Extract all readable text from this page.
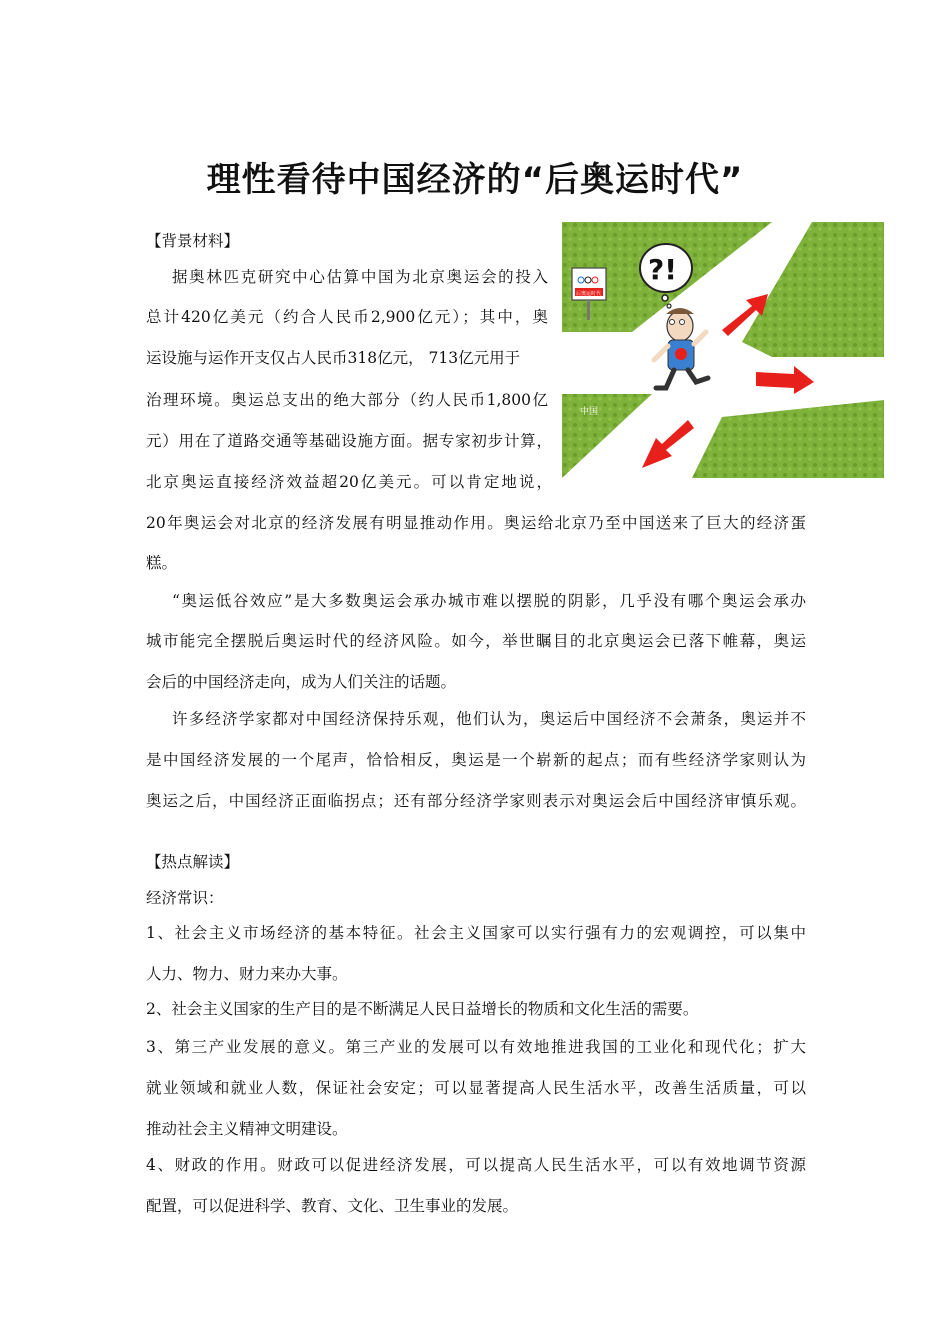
理性看待中国经济的“后奥运时代”
【背景材料】
据奥林匹克研究中心估算中国为北京奥运会的投入
总计420亿美元（约合人民币2,900亿元）；其中，奥
运设施与运作开支仅占人民币318亿元， 713亿元用于
治理环境。奥运总支出的绝大部分（约人民币1,800亿
元）用在了道路交通等基础设施方面。据专家初步计算，
北京奥运直接经济效益超20亿美元。可以肯定地说，
20年奥运会对北京的经济发展有明显推动作用。奥运给北京乃至中国送来了巨大的经济蛋
糕。
“奥运低谷效应”是大多数奥运会承办城市难以摆脱的阴影，几乎没有哪个奥运会承办
城市能完全摆脱后奥运时代的经济风险。如今，举世瞩目的北京奥运会已落下帷幕，奥运
会后的中国经济走向，成为人们关注的话题。
许多经济学家都对中国经济保持乐观，他们认为，奥运后中国经济不会萧条，奥运并不
是中国经济发展的一个尾声，恰恰相反，奥运是一个崭新的起点；而有些经济学家则认为
奥运之后，中国经济正面临拐点；还有部分经济学家则表示对奥运会后中国经济审慎乐观。
【热点解读】
经济常识：
1、社会主义市场经济的基本特征。社会主义国家可以实行强有力的宏观调控，可以集中
人力、物力、财力来办大事。
2、社会主义国家的生产目的是不断满足人民日益增长的物质和文化生活的需要。
3、第三产业发展的意义。第三产业的发展可以有效地推进我国的工业化和现代化；扩大
就业领域和就业人数，保证社会安定；可以显著提高人民生活水平，改善生活质量，可以
推动社会主义精神文明建设。
4、财政的作用。财政可以促进经济发展，可以提高人民生活水平，可以有效地调节资源
配置，可以促进科学、教育、文化、卫生事业的发展。
中国
后奥运时代
?!
